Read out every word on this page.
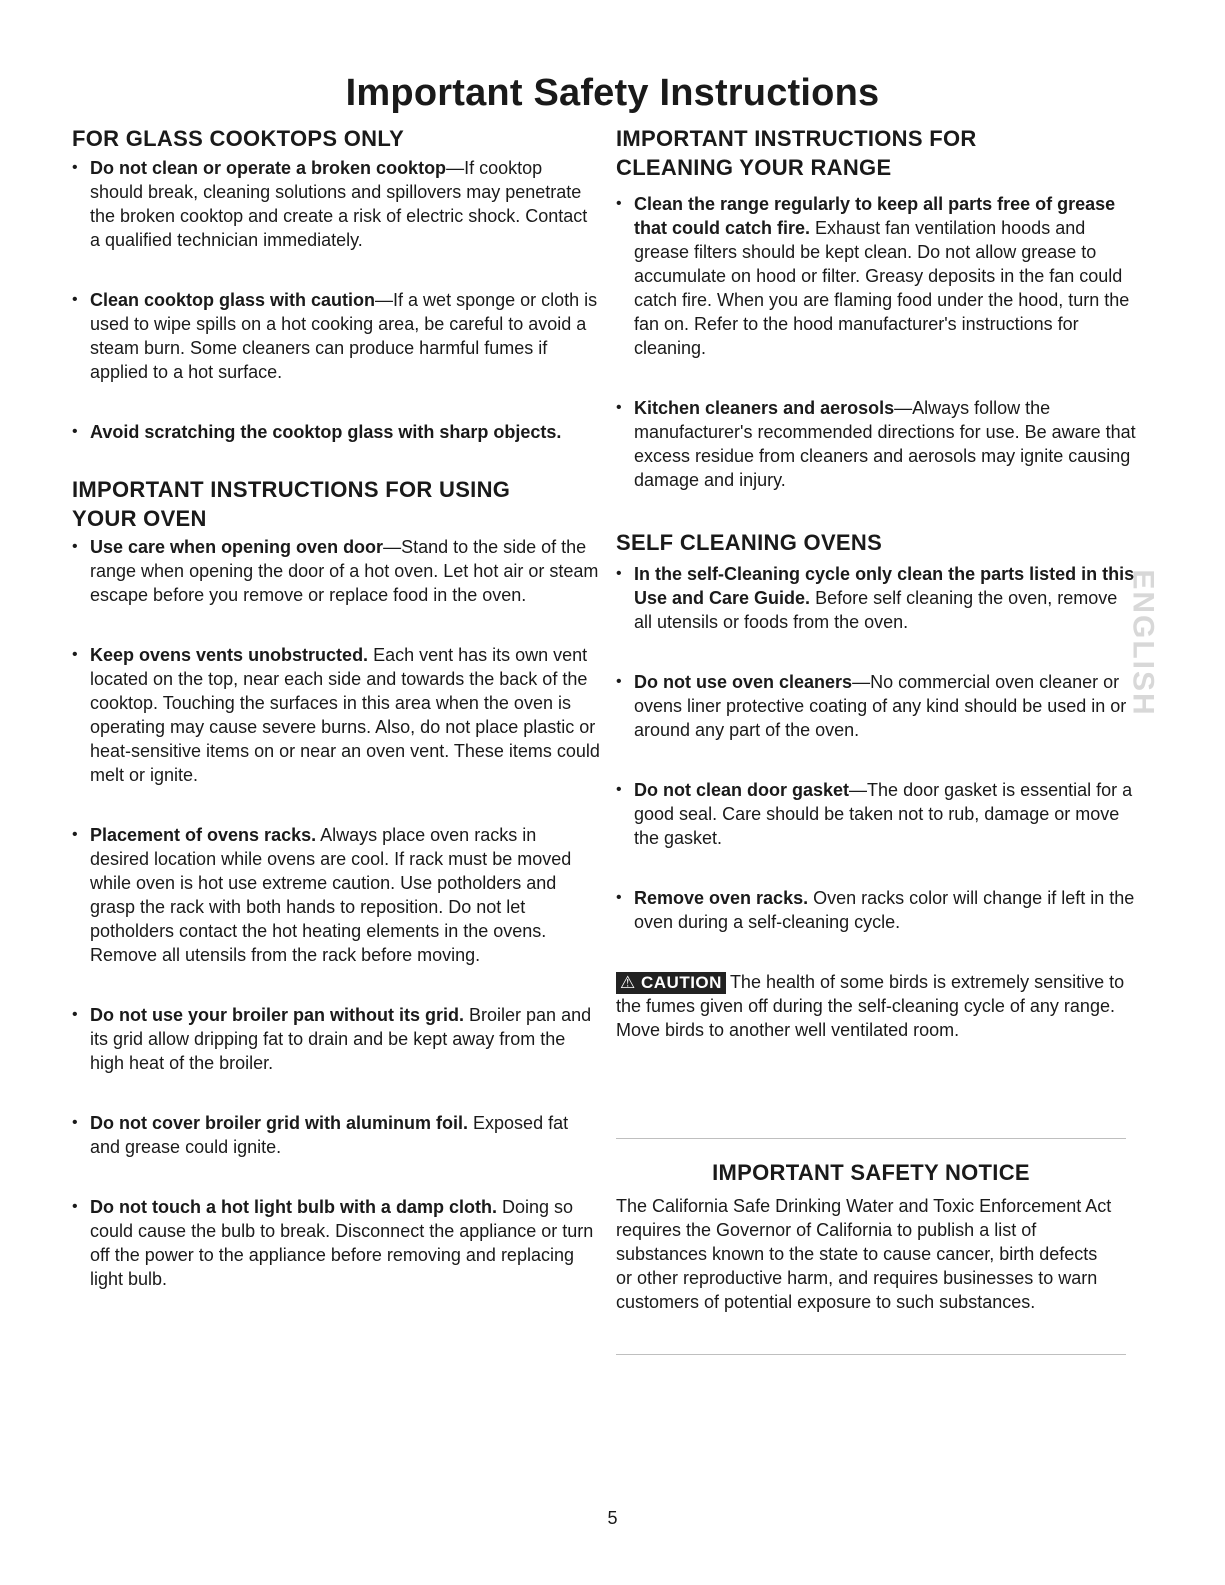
Important Safety Instructions
FOR GLASS COOKTOPS ONLY
• Do not clean or operate a broken cooktop—If cooktop should break, cleaning solutions and spillovers may penetrate the broken cooktop and create a risk of electric shock. Contact a qualified technician immediately.
• Clean cooktop glass with caution—If a wet sponge or cloth is used to wipe spills on a hot cooking area, be careful to avoid a steam burn. Some cleaners can produce harmful fumes if applied to a hot surface.
• Avoid scratching the cooktop glass with sharp objects.
IMPORTANT INSTRUCTIONS FOR USING YOUR OVEN
• Use care when opening oven door—Stand to the side of the range when opening the door of a hot oven. Let hot air or steam escape before you remove or replace food in the oven.
• Keep ovens vents unobstructed. Each vent has its own vent located on the top, near each side and towards the back of the cooktop. Touching the surfaces in this area when the oven is operating may cause severe burns. Also, do not place plastic or heat-sensitive items on or near an oven vent. These items could melt or ignite.
• Placement of ovens racks. Always place oven racks in desired location while ovens are cool. If rack must be moved while oven is hot use extreme caution. Use potholders and grasp the rack with both hands to reposition. Do not let potholders contact the hot heating elements in the ovens. Remove all utensils from the rack before moving.
• Do not use your broiler pan without its grid. Broiler pan and its grid allow dripping fat to drain and be kept away from the high heat of the broiler.
• Do not cover broiler grid with aluminum foil. Exposed fat and grease could ignite.
• Do not touch a hot light bulb with a damp cloth. Doing so could cause the bulb to break. Disconnect the appliance or turn off the power to the appliance before removing and replacing light bulb.
IMPORTANT INSTRUCTIONS FOR CLEANING YOUR RANGE
• Clean the range regularly to keep all parts free of grease that could catch fire. Exhaust fan ventilation hoods and grease filters should be kept clean. Do not allow grease to accumulate on hood or filter. Greasy deposits in the fan could catch fire. When you are flaming food under the hood, turn the fan on. Refer to the hood manufacturer's instructions for cleaning.
• Kitchen cleaners and aerosols—Always follow the manufacturer's recommended directions for use. Be aware that excess residue from cleaners and aerosols may ignite causing damage and injury.
SELF CLEANING OVENS
• In the self-Cleaning cycle only clean the parts listed in this Use and Care Guide. Before self cleaning the oven, remove all utensils or foods from the oven.
• Do not use oven cleaners—No commercial oven cleaner or ovens liner protective coating of any kind should be used in or around any part of the oven.
• Do not clean door gasket—The door gasket is essential for a good seal. Care should be taken not to rub, damage or move the gasket.
• Remove oven racks. Oven racks color will change if left in the oven during a self-cleaning cycle.
⚠ CAUTION The health of some birds is extremely sensitive to the fumes given off during the self-cleaning cycle of any range. Move birds to another well ventilated room.
IMPORTANT SAFETY NOTICE
The California Safe Drinking Water and Toxic Enforcement Act requires the Governor of California to publish a list of substances known to the state to cause cancer, birth defects or other reproductive harm, and requires businesses to warn customers of potential exposure to such substances.
ENGLISH
5
